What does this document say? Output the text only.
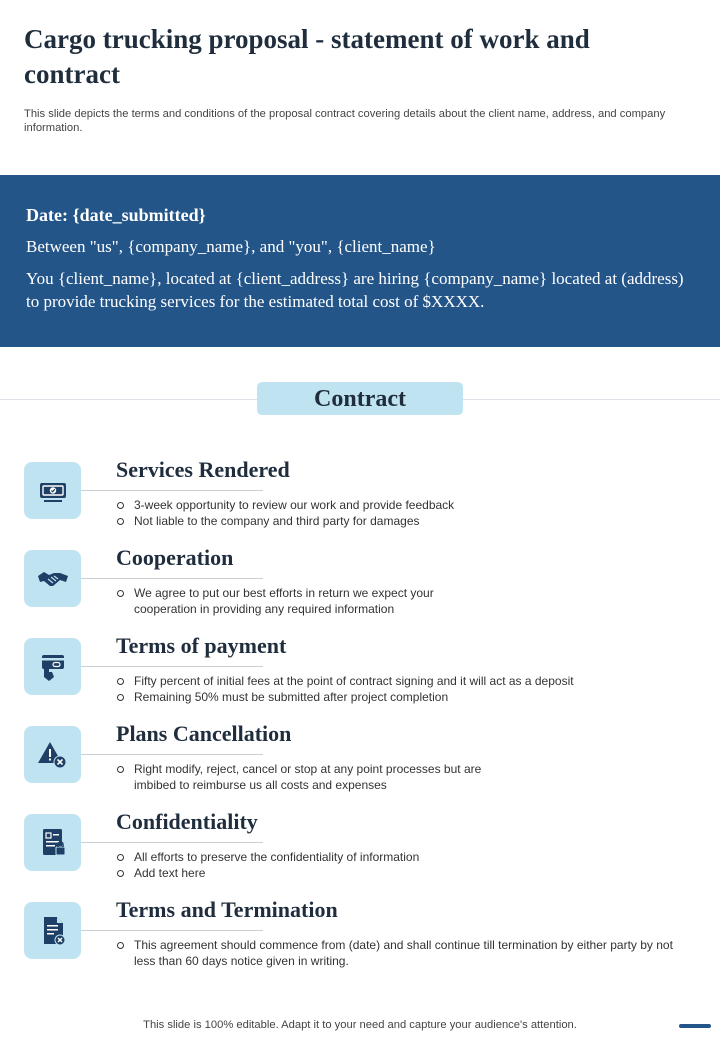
Cargo trucking proposal - statement of work and contract

This slide depicts the terms and conditions of the proposal contract covering details about the client name, address, and company information.

Date: {date_submitted}
Between "us", {company_name}, and "you", {client_name}
You {client_name}, located at {client_address} are hiring {company_name} located at (address) to provide trucking services for the estimated total cost of $XXXX.
Contract
Services Rendered
3-week opportunity to review our work and provide feedback
Not liable to the company and third party for damages
Cooperation
We agree to put our best efforts in return we expect your cooperation in providing any required information
Terms of payment
Fifty percent of initial fees at the point of contract signing and it will act as a deposit
Remaining 50% must be submitted after project completion
Plans Cancellation
Right modify, reject, cancel or stop at any point processes but are imbibed to reimburse us all costs and expenses
Confidentiality
All efforts to preserve the confidentiality of information
Add text here
Terms and Termination
This agreement should commence from (date) and shall continue till termination by either party by not less than 60 days notice given in writing.
This slide is 100% editable. Adapt it to your need and capture your audience's attention.
